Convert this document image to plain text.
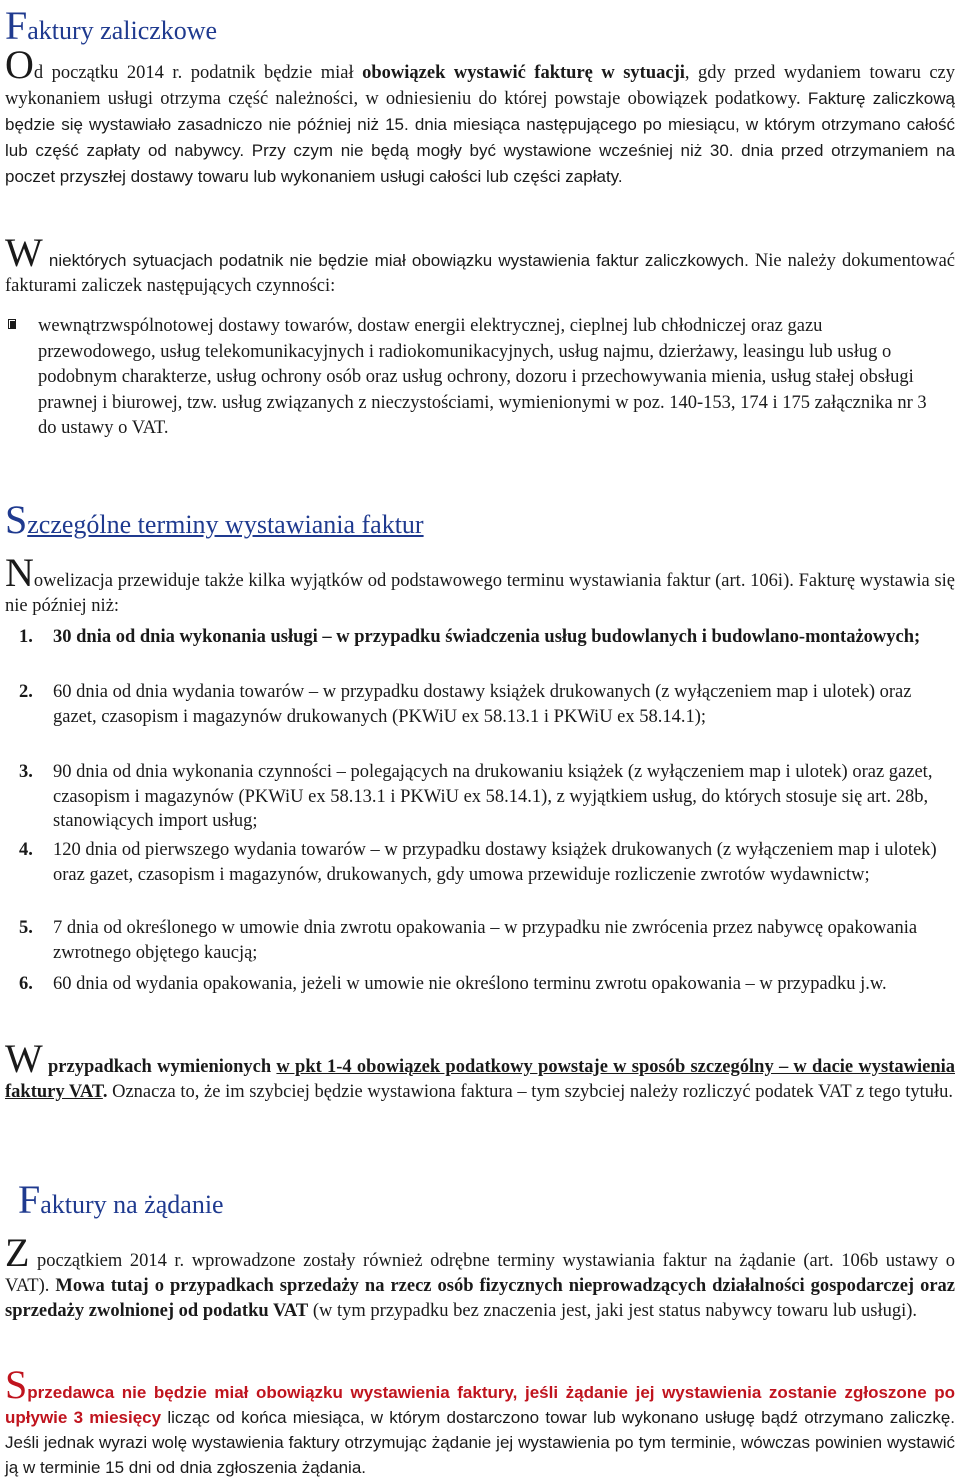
Faktury zaliczkowe

Od początku 2014 r. podatnik będzie miał obowiązek wystawić fakturę w sytuacji, gdy przed wydaniem towaru czy wykonaniem usługi otrzyma część należności, w odniesieniu do której powstaje obowiązek podatkowy. Fakturę zaliczkową będzie się wystawiało zasadniczo nie później niż 15. dnia miesiąca następującego po miesiącu, w którym otrzymano całość lub część zapłaty od nabywcy. Przy czym nie będą mogły być wystawione wcześniej niż 30. dnia przed otrzymaniem na poczet przyszłej dostawy towaru lub wykonaniem usługi całości lub części zapłaty.

W niektórych sytuacjach podatnik nie będzie miał obowiązku wystawienia faktur zaliczkowych. Nie należy dokumentować fakturami zaliczek następujących czynności:

wewnątrzwspólnotowej dostawy towarów, dostaw energii elektrycznej, cieplnej lub chłodniczej oraz gazu przewodowego, usług telekomunikacyjnych i radiokomunikacyjnych, usług najmu, dzierżawy, leasingu lub usług o podobnym charakterze, usług ochrony osób oraz usług ochrony, dozoru i przechowywania mienia, usług stałej obsługi prawnej i biurowej, tzw. usług związanych z nieczystościami, wymienionymi w poz. 140-153, 174 i 175 załącznika nr 3 do ustawy o VAT.
Szczególne terminy wystawiania faktur

Nowelizacja przewiduje także kilka wyjątków od podstawowego terminu wystawiania faktur (art. 106i). Fakturę wystawia się nie później niż:

1. 30 dnia od dnia wykonania usługi – w przypadku świadczenia usług budowlanych i budowlano-montażowych;
2. 60 dnia od dnia wydania towarów – w przypadku dostawy książek drukowanych (z wyłączeniem map i ulotek) oraz gazet, czasopism i magazynów drukowanych (PKWiU ex 58.13.1 i PKWiU ex 58.14.1);
3. 90 dnia od dnia wykonania czynności – polegających na drukowaniu książek (z wyłączeniem map i ulotek) oraz gazet, czasopism i magazynów (PKWiU ex 58.13.1 i PKWiU ex 58.14.1), z wyjątkiem usług, do których stosuje się art. 28b, stanowiących import usług;
4. 120 dnia od pierwszego wydania towarów – w przypadku dostawy książek drukowanych (z wyłączeniem map i ulotek) oraz gazet, czasopism i magazynów, drukowanych, gdy umowa przewiduje rozliczenie zwrotów wydawnictw;
5. 7 dnia od określonego w umowie dnia zwrotu opakowania – w przypadku nie zwrócenia przez nabywcę opakowania zwrotnego objętego kaucją;
6. 60 dnia od wydania opakowania, jeżeli w umowie nie określono terminu zwrotu opakowania – w przypadku j.w.

W przypadkach wymienionych w pkt 1-4 obowiązek podatkowy powstaje w sposób szczególny – w dacie wystawienia faktury VAT. Oznacza to, że im szybciej będzie wystawiona faktura – tym szybciej należy rozliczyć podatek VAT z tego tytułu.

Faktury na żądanie

Z początkiem 2014 r. wprowadzone zostały również odrębne terminy wystawiania faktur na żądanie (art. 106b ustawy o VAT). Mowa tutaj o przypadkach sprzedaży na rzecz osób fizycznych nieprowadzących działalności gospodarczej oraz sprzedaży zwolnionej od podatku VAT (w tym przypadku bez znaczenia jest, jaki jest status nabywcy towaru lub usługi).

Sprzedawca nie będzie miał obowiązku wystawienia faktury, jeśli żądanie jej wystawienia zostanie zgłoszone po upływie 3 miesięcy licząc od końca miesiąca, w którym dostarczono towar lub wykonano usługę bądź otrzymano zaliczkę. Jeśli jednak wyrazi wolę wystawienia faktury otrzymując żądanie jej wystawienia po tym terminie, wówczas powinien wystawić ją w terminie 15 dni od dnia zgłoszenia żądania.
